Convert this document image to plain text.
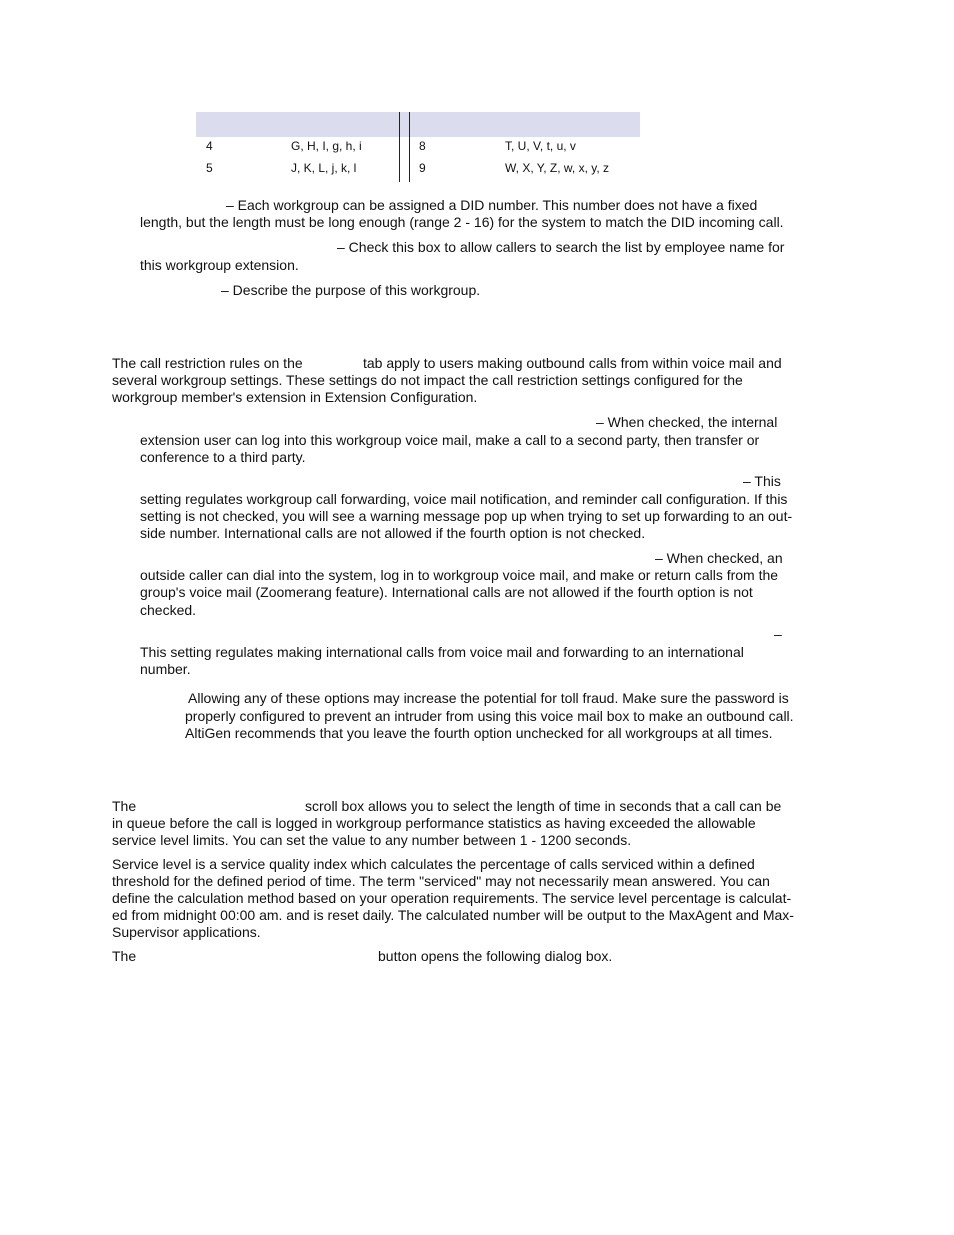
4	G, H, I, g, h, i	8	T, U, V, t, u, v
5	J, K, L, j, k, l	9	W, X, Y, Z, w, x, y, z

– Each workgroup can be assigned a DID number. This number does not have a fixed

length, but the length must be long enough (range 2 - 16) for the system to match the DID incoming call.

– Check this box to allow callers to search the list by employee name for

this workgroup extension.

– Describe the purpose of this workgroup.

The call restriction rules on the	tab apply to users making outbound calls from within voice mail and

several workgroup settings. These settings do not impact the call restriction settings configured for the

workgroup member's extension in Extension Configuration.

– When checked, the internal

extension user can log into this workgroup voice mail, make a call to a second party, then transfer or

conference to a third party.

– This

setting regulates workgroup call forwarding, voice mail notification, and reminder call configuration. If this

setting is not checked, you will see a warning message pop up when trying to set up forwarding to an out-

side number. International calls are not allowed if the fourth option is not checked.

– When checked, an

outside caller can dial into the system, log in to workgroup voice mail, and make or return calls from the

group's voice mail (Zoomerang feature). International calls are not allowed if the fourth option is not

checked.

–

This setting regulates making international calls from voice mail and forwarding to an international

number.

Allowing any of these options may increase the potential for toll fraud. Make sure the password is

properly configured to prevent an intruder from using this voice mail box to make an outbound call.

AltiGen recommends that you leave the fourth option unchecked for all workgroups at all times.

The	scroll box allows you to select the length of time in seconds that a call can be

in queue before the call is logged in workgroup performance statistics as having exceeded the allowable

service level limits. You can set the value to any number between 1 - 1200 seconds.

Service level is a service quality index which calculates the percentage of calls serviced within a defined

threshold for the defined period of time. The term "serviced" may not necessarily mean answered. You can

define the calculation method based on your operation requirements. The service level percentage is calculat-

ed from midnight 00:00 am. and is reset daily. The calculated number will be output to the MaxAgent and Max-

Supervisor applications.

The	button opens the following dialog box.
